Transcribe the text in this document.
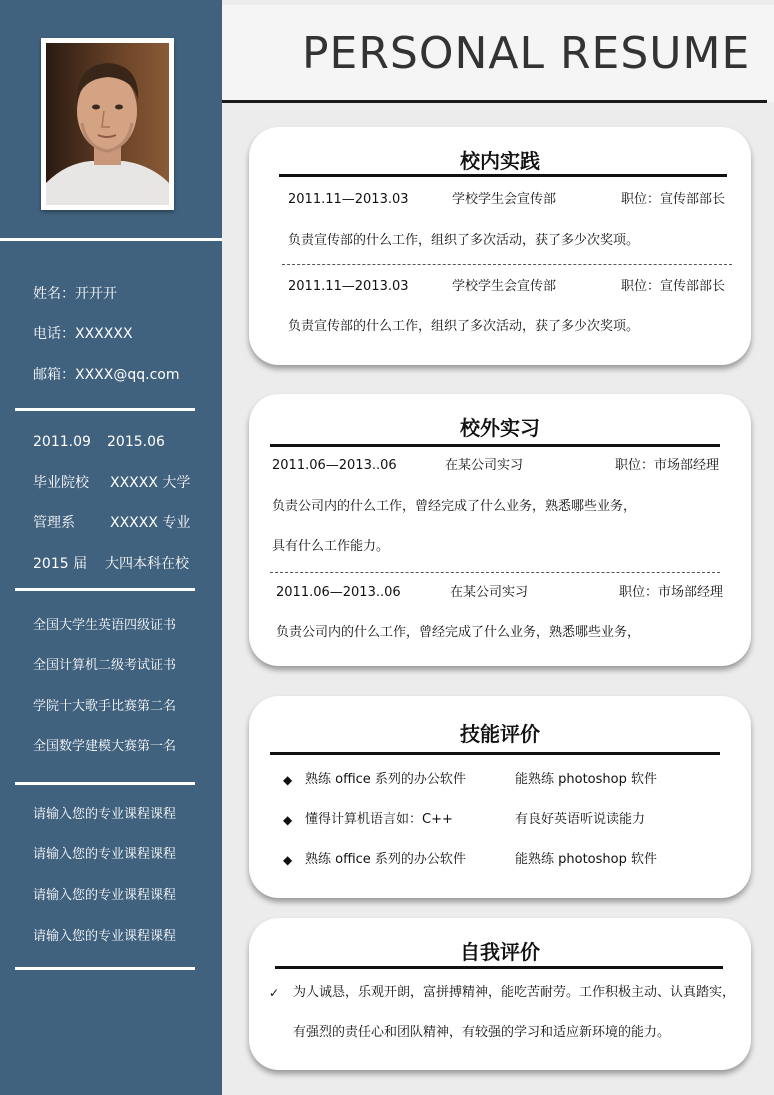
姓名：开开开
电话：XXXXXX
邮箱：XXXX@qq.com
2011.09 2015.06
毕业院校 XXXXX 大学
管理系	XXXXX 专业
2015 届 大四本科在校
全国大学生英语四级证书
全国计算机二级考试证书
学院十大歌手比赛第二名
全国数学建模大赛第一名
请输入您的专业课程课程
请输入您的专业课程课程
请输入您的专业课程课程
请输入您的专业课程课程
PERSONAL RESUME
校内实践
2011.11—2013.03	学校学生会宣传部	职位：宣传部部长
负责宣传部的什么工作，组织了多次活动，获了多少次奖项。
2011.11—2013.03	学校学生会宣传部	职位：宣传部部长
负责宣传部的什么工作，组织了多次活动，获了多少次奖项。
校外实习
2011.06—2013..06	在某公司实习	职位：市场部经理
负责公司内的什么工作，曾经完成了什么业务，熟悉哪些业务，
具有什么工作能力。
2011.06—2013..06	在某公司实习	职位：市场部经理
负责公司内的什么工作，曾经完成了什么业务，熟悉哪些业务，
技能评价
◆ 熟练 office 系列的办公软件	能熟练 photoshop 软件
◆ 懂得计算机语言如：C++	有良好英语听说读能力
◆ 熟练 office 系列的办公软件	能熟练 photoshop 软件
自我评价
✓ 为人诚恳，乐观开朗，富拼搏精神，能吃苦耐劳。工作积极主动、认真踏实，
有强烈的责任心和团队精神，有较强的学习和适应新环境的能力。
